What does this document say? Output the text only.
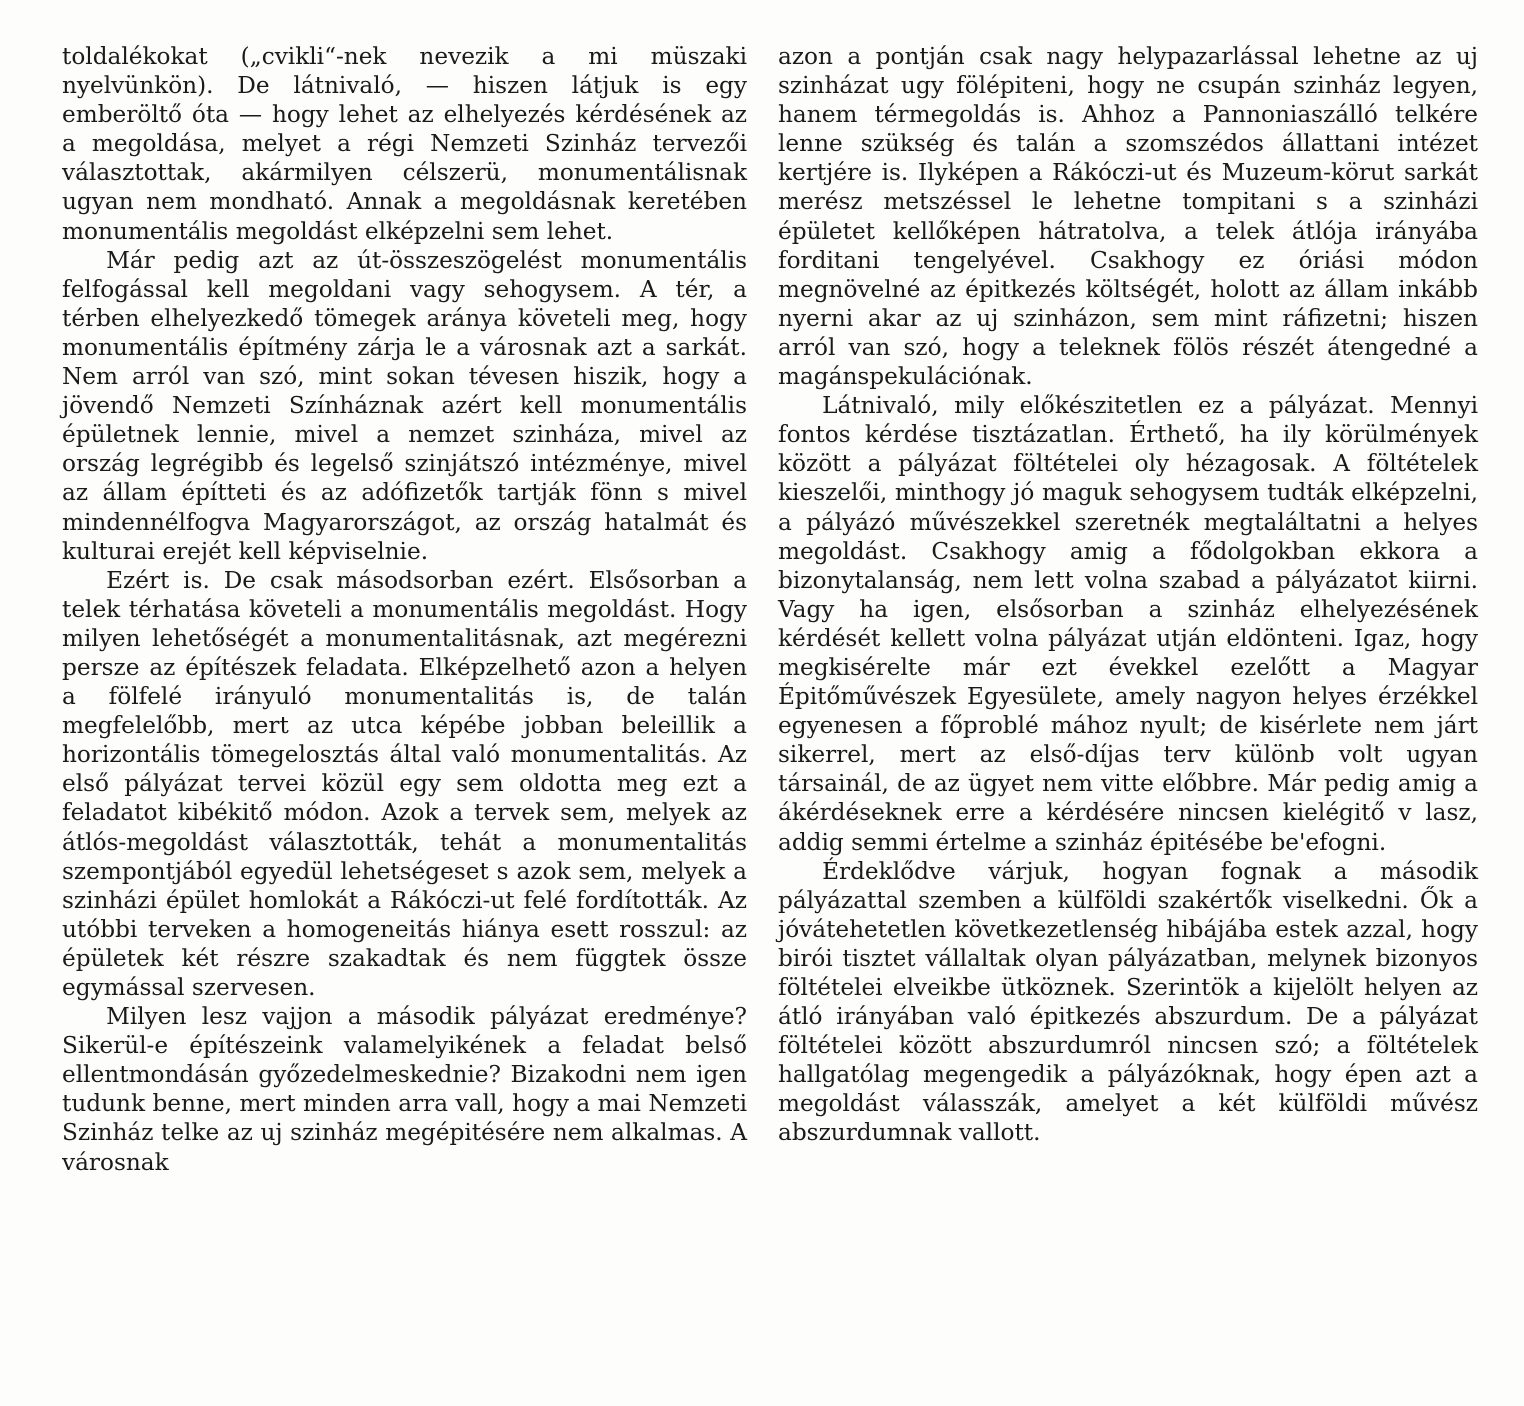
toldalékokat („cvikli“-nek nevezik a mi müszaki nyelvünkön). De látnivaló, — hiszen látjuk is egy emberöltő óta — hogy lehet az elhelyezés kérdésének az a megoldása, melyet a régi Nemzeti Szinház tervezői választottak, akármilyen célszerü, monumentálisnak ugyan nem mondható. Annak a megoldásnak keretében monumentális megoldást elképzelni sem lehet.

Már pedig azt az út-összeszögelést monumentális felfogással kell megoldani vagy sehogysem. A tér, a térben elhelyezkedő tömegek aránya követeli meg, hogy monumentális építmény zárja le a városnak azt a sarkát. Nem arról van szó, mint sokan tévesen hiszik, hogy a jövendő Nemzeti Színháznak azért kell monumentális épületnek lennie, mivel a nemzet szinháza, mivel az ország legrégibb és legelső szinjátszó intézménye, mivel az állam építteti és az adófizetők tartják fönn s mivel mindennélfogva Magyarországot, az ország hatalmát és kulturai erejét kell képviselnie.

Ezért is. De csak másodsorban ezért. Elsősorban a telek térhatása követeli a monumentális megoldást. Hogy milyen lehetőségét a monumentalitásnak, azt megérezni persze az építészek feladata. Elképzelhető azon a helyen a fölfelé irányuló monumentalitás is, de talán megfelelőbb, mert az utca képébe jobban beleillik a horizontális tömegelosztás által való monumentalitás. Az első pályázat tervei közül egy sem oldotta meg ezt a feladatot kibékitő módon. Azok a tervek sem, melyek az átlós-megoldást választották, tehát a monumentalitás szempontjából egyedül lehetségeset s azok sem, melyek a szinházi épület homlokát a Rákóczi-ut felé fordították. Az utóbbi terveken a homogeneitás hiánya esett rosszul: az épületek két részre szakadtak és nem függtek össze egymással szervesen.

Milyen lesz vajjon a második pályázat eredménye? Sikerül-e építészeink valamelyikének a feladat belső ellentmondásán győzedelmeskednie? Bizakodni nem igen tudunk benne, mert minden arra vall, hogy a mai Nemzeti Szinház telke az uj szinház megépitésére nem alkalmas. A városnak

azon a pontján csak nagy helypazarlással lehetne az uj szinházat ugy fölépiteni, hogy ne csupán szinház legyen, hanem térmegoldás is. Ahhoz a Pannoniaszálló telkére lenne szükség és talán a szomszédos állattani intézet kertjére is. Ilyképen a Rákóczi-ut és Muzeum-körut sarkát merész metszéssel le lehetne tompitani s a szinházi épületet kellőképen hátratolva, a telek átlója irányába forditani tengelyével. Csakhogy ez óriási módon megnövelné az épitkezés költségét, holott az állam inkább nyerni akar az uj szinházon, sem mint ráfizetni; hiszen arról van szó, hogy a teleknek fölös részét átengedné a magánspekulációnak.

Látnivaló, mily előkészitetlen ez a pályázat. Mennyi fontos kérdése tisztázatlan. Érthető, ha ily körülmények között a pályázat föltételei oly hézagosak. A föltételek kieszelői, minthogy jó maguk sehogysem tudták elképzelni, a pályázó művészekkel szeretnék megtaláltatni a helyes megoldást. Csakhogy amig a fődolgokban ekkora a bizonytalanság, nem lett volna szabad a pályázatot kiirni. Vagy ha igen, elsősorban a szinház elhelyezésének kérdését kellett volna pályázat utján eldönteni. Igaz, hogy megkisérelte már ezt évekkel ezelőtt a Magyar Épitőművészek Egyesülete, amely nagyon helyes érzékkel egyenesen a főproblé mához nyult; de kisérlete nem járt sikerrel, mert az első-díjas terv különb volt ugyan társainál, de az ügyet nem vitte előbbre. Már pedig amig a ákérdéseknek erre a kérdésére nincsen kielégitő v lasz, addig semmi értelme a szinház épitésébe be'efogni.

Érdeklődve várjuk, hogyan fognak a második pályázattal szemben a külföldi szakértők viselkedni. Ők a jóvátehetetlen következetlenség hibájába estek azzal, hogy birói tisztet vállaltak olyan pályázatban, melynek bizonyos föltételei elveikbe ütköznek. Szerintök a kijelölt helyen az átló irányában való épitkezés abszurdum. De a pályázat föltételei között abszurdumról nincsen szó; a föltételek hallgatólag megengedik a pályázóknak, hogy épen azt a megoldást válasszák, amelyet a két külföldi művész abszurdumnak vallott.
